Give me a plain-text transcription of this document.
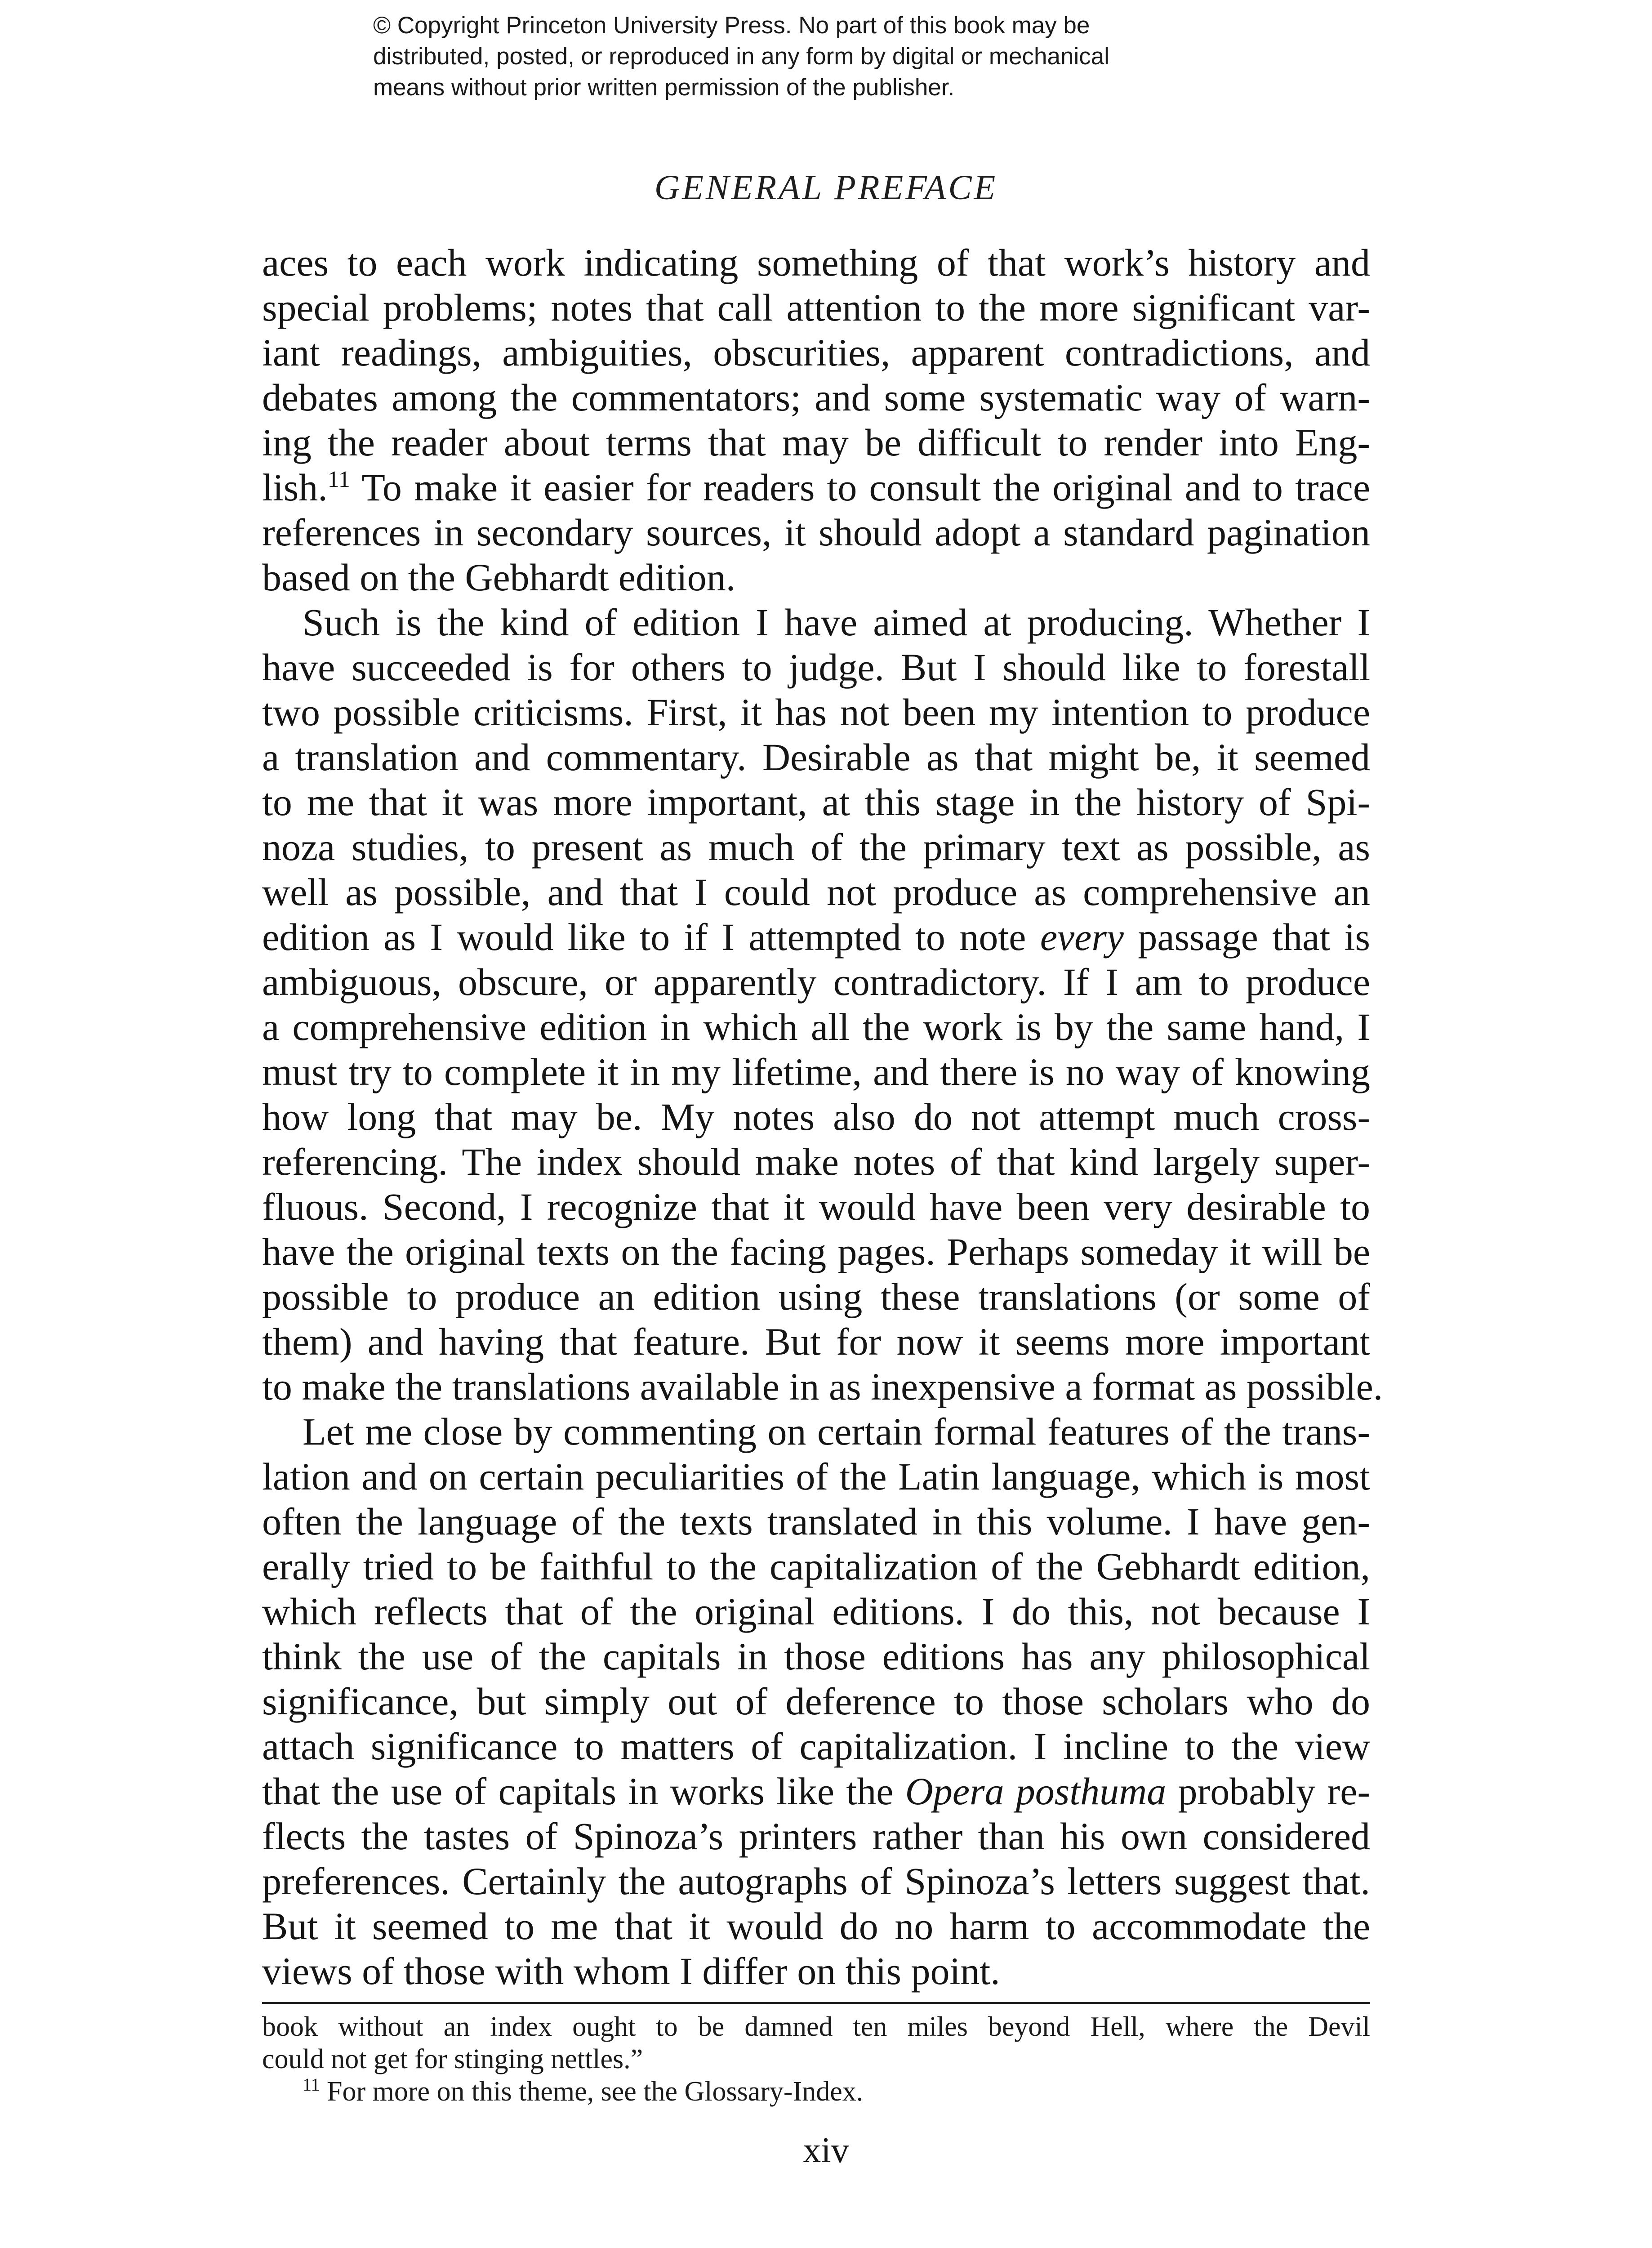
© Copyright Princeton University Press. No part of this book may be
distributed, posted, or reproduced in any form by digital or mechanical
means without prior written permission of the publisher.
GENERAL PREFACE
aces to each work indicating something of that work’s history and
special problems; notes that call attention to the more significant var-
iant readings, ambiguities, obscurities, apparent contradictions, and
debates among the commentators; and some systematic way of warn-
ing the reader about terms that may be difficult to render into Eng-
lish.$^{11}$ To make it easier for readers to consult the original and to trace
references in secondary sources, it should adopt a standard pagination
based on the Gebhardt edition.
Such is the kind of edition I have aimed at producing. Whether I
have succeeded is for others to judge. But I should like to forestall
two possible criticisms. First, it has not been my intention to produce
a translation and commentary. Desirable as that might be, it seemed
to me that it was more important, at this stage in the history of Spi-
noza studies, to present as much of the primary text as possible, as
well as possible, and that I could not produce as comprehensive an
edition as I would like to if I attempted to note every passage that is
ambiguous, obscure, or apparently contradictory. If I am to produce
a comprehensive edition in which all the work is by the same hand, I
must try to complete it in my lifetime, and there is no way of knowing
how long that may be. My notes also do not attempt much cross-
referencing. The index should make notes of that kind largely super-
fluous. Second, I recognize that it would have been very desirable to
have the original texts on the facing pages. Perhaps someday it will be
possible to produce an edition using these translations (or some of
them) and having that feature. But for now it seems more important
to make the translations available in as inexpensive a format as possible.
Let me close by commenting on certain formal features of the trans-
lation and on certain peculiarities of the Latin language, which is most
often the language of the texts translated in this volume. I have gen-
erally tried to be faithful to the capitalization of the Gebhardt edition,
which reflects that of the original editions. I do this, not because I
think the use of the capitals in those editions has any philosophical
significance, but simply out of deference to those scholars who do
attach significance to matters of capitalization. I incline to the view
that the use of capitals in works like the Opera posthuma probably re-
flects the tastes of Spinoza’s printers rather than his own considered
preferences. Certainly the autographs of Spinoza’s letters suggest that.
But it seemed to me that it would do no harm to accommodate the
views of those with whom I differ on this point.
book without an index ought to be damned ten miles beyond Hell, where the Devil
could not get for stinging nettles.”
$^{11}$ For more on this theme, see the Glossary-Index.
xiv
